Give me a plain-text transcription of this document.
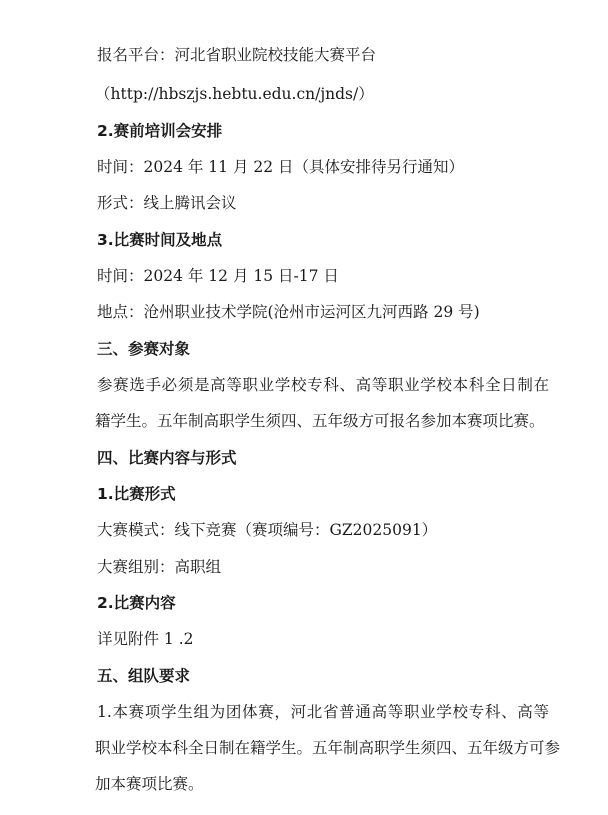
报名平台：河北省职业院校技能大赛平台
（http://hbszjs.hebtu.edu.cn/jnds/）
2.赛前培训会安排
时间：2024 年 11 月 22 日（具体安排待另行通知）
形式：线上腾讯会议
3.比赛时间及地点
时间：2024 年 12 月 15 日-17 日
地点：沧州职业技术学院(沧州市运河区九河西路 29 号)
三、参赛对象
参赛选手必须是高等职业学校专科、高等职业学校本科全日制在
籍学生。五年制高职学生须四、五年级方可报名参加本赛项比赛。
四、比赛内容与形式
1.比赛形式
大赛模式：线下竞赛（赛项编号：GZ2025091）
大赛组别：高职组
2.比赛内容
详见附件 1 .2
五、组队要求
1.本赛项学生组为团体赛，河北省普通高等职业学校专科、高等
职业学校本科全日制在籍学生。五年制高职学生须四、五年级方可参
加本赛项比赛。
